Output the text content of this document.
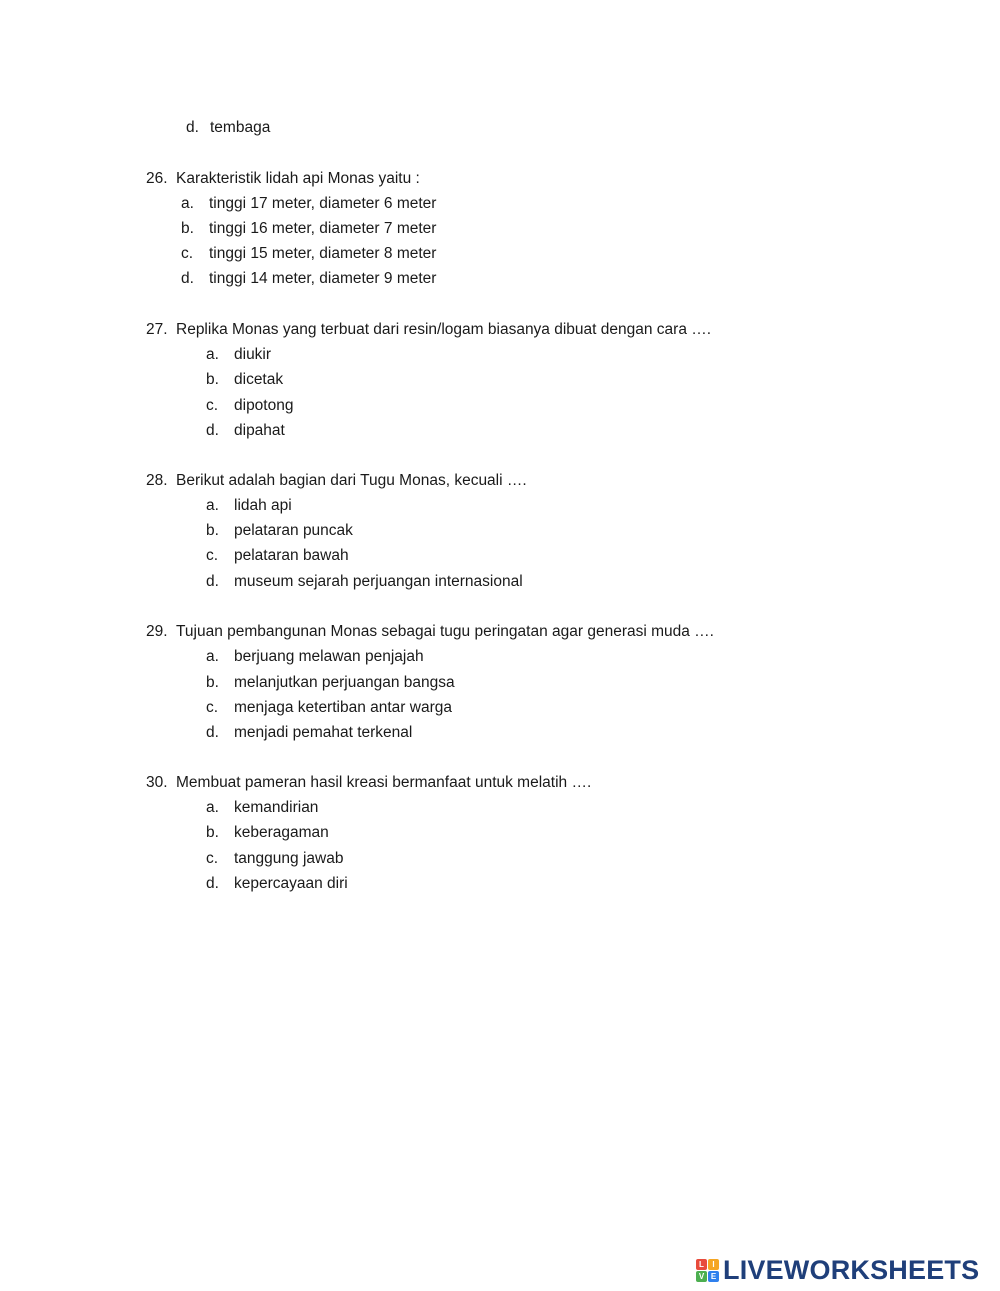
d. tembaga
26. Karakteristik lidah api Monas yaitu :
a. tinggi 17 meter, diameter 6 meter
b. tinggi 16 meter, diameter 7 meter
c. tinggi 15 meter, diameter 8 meter
d. tinggi 14 meter, diameter 9 meter
27. Replika Monas yang terbuat dari resin/logam biasanya dibuat dengan cara ….
a. diukir
b. dicetak
c. dipotong
d. dipahat
28. Berikut adalah bagian dari Tugu Monas, kecuali ….
a. lidah api
b. pelataran puncak
c. pelataran bawah
d. museum sejarah perjuangan internasional
29. Tujuan pembangunan Monas sebagai tugu peringatan agar generasi muda ….
a. berjuang melawan penjajah
b. melanjutkan perjuangan bangsa
c. menjaga ketertiban antar warga
d. menjadi pemahat terkenal
30. Membuat pameran hasil kreasi bermanfaat untuk melatih ….
a. kemandirian
b. keberagaman
c. tanggung jawab
d. kepercayaan diri
L	I
V E LIVEWORKSHEETS
